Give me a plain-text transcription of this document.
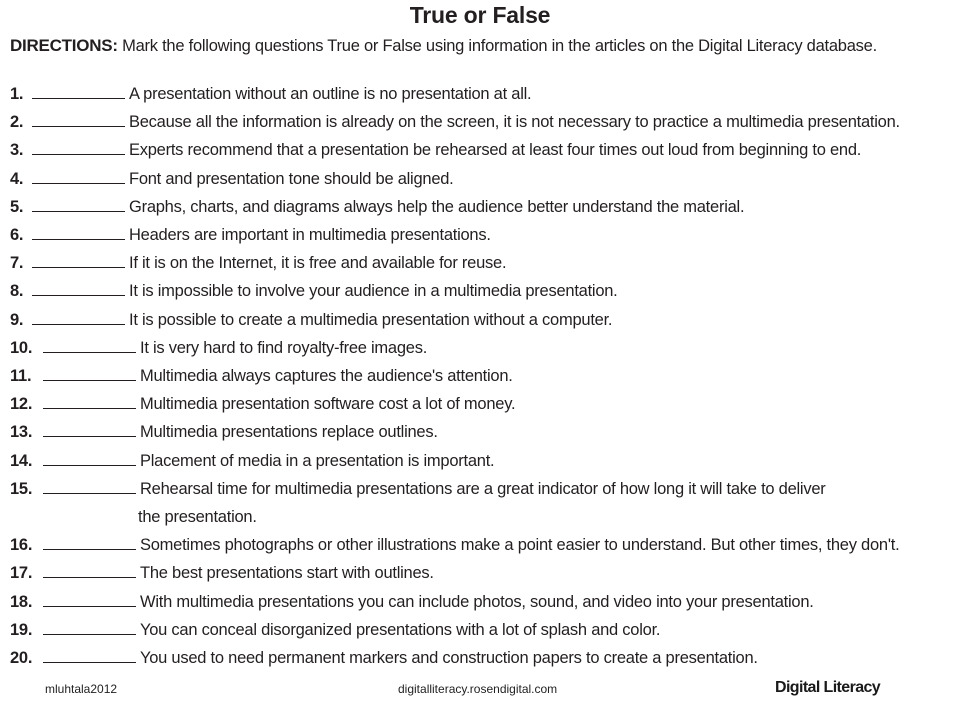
True or False
DIRECTIONS: Mark the following questions True or False using information in the articles on the Digital Literacy database.
1.	A presentation without an outline is no presentation at all.
2.	Because all the information is already on the screen, it is not necessary to practice a multimedia presentation.
3.	Experts recommend that a presentation be rehearsed at least four times out loud from beginning to end.
4.	Font and presentation tone should be aligned.
5.	Graphs, charts, and diagrams always help the audience better understand the material.
6.	Headers are important in multimedia presentations.
7.	If it is on the Internet, it is free and available for reuse.
8.	It is impossible to involve your audience in a multimedia presentation.
9.	It is possible to create a multimedia presentation without a computer.
10.	It is very hard to find royalty-free images.
11.	Multimedia always captures the audience's attention.
12.	Multimedia presentation software cost a lot of money.
13.	Multimedia presentations replace outlines.
14.	Placement of media in a presentation is important.
15.	Rehearsal time for multimedia presentations are a great indicator of how long it will take to deliver
the presentation.
16.	Sometimes photographs or other illustrations make a point easier to understand. But other times, they don't.
17.	The best presentations start with outlines.
18.	With multimedia presentations you can include photos, sound, and video into your presentation.
19.	You can conceal disorganized presentations with a lot of splash and color.
20.	You used to need permanent markers and construction papers to create a presentation.
mluhtala2012	digitalliteracy.rosendigital.com	Digital Literacy
